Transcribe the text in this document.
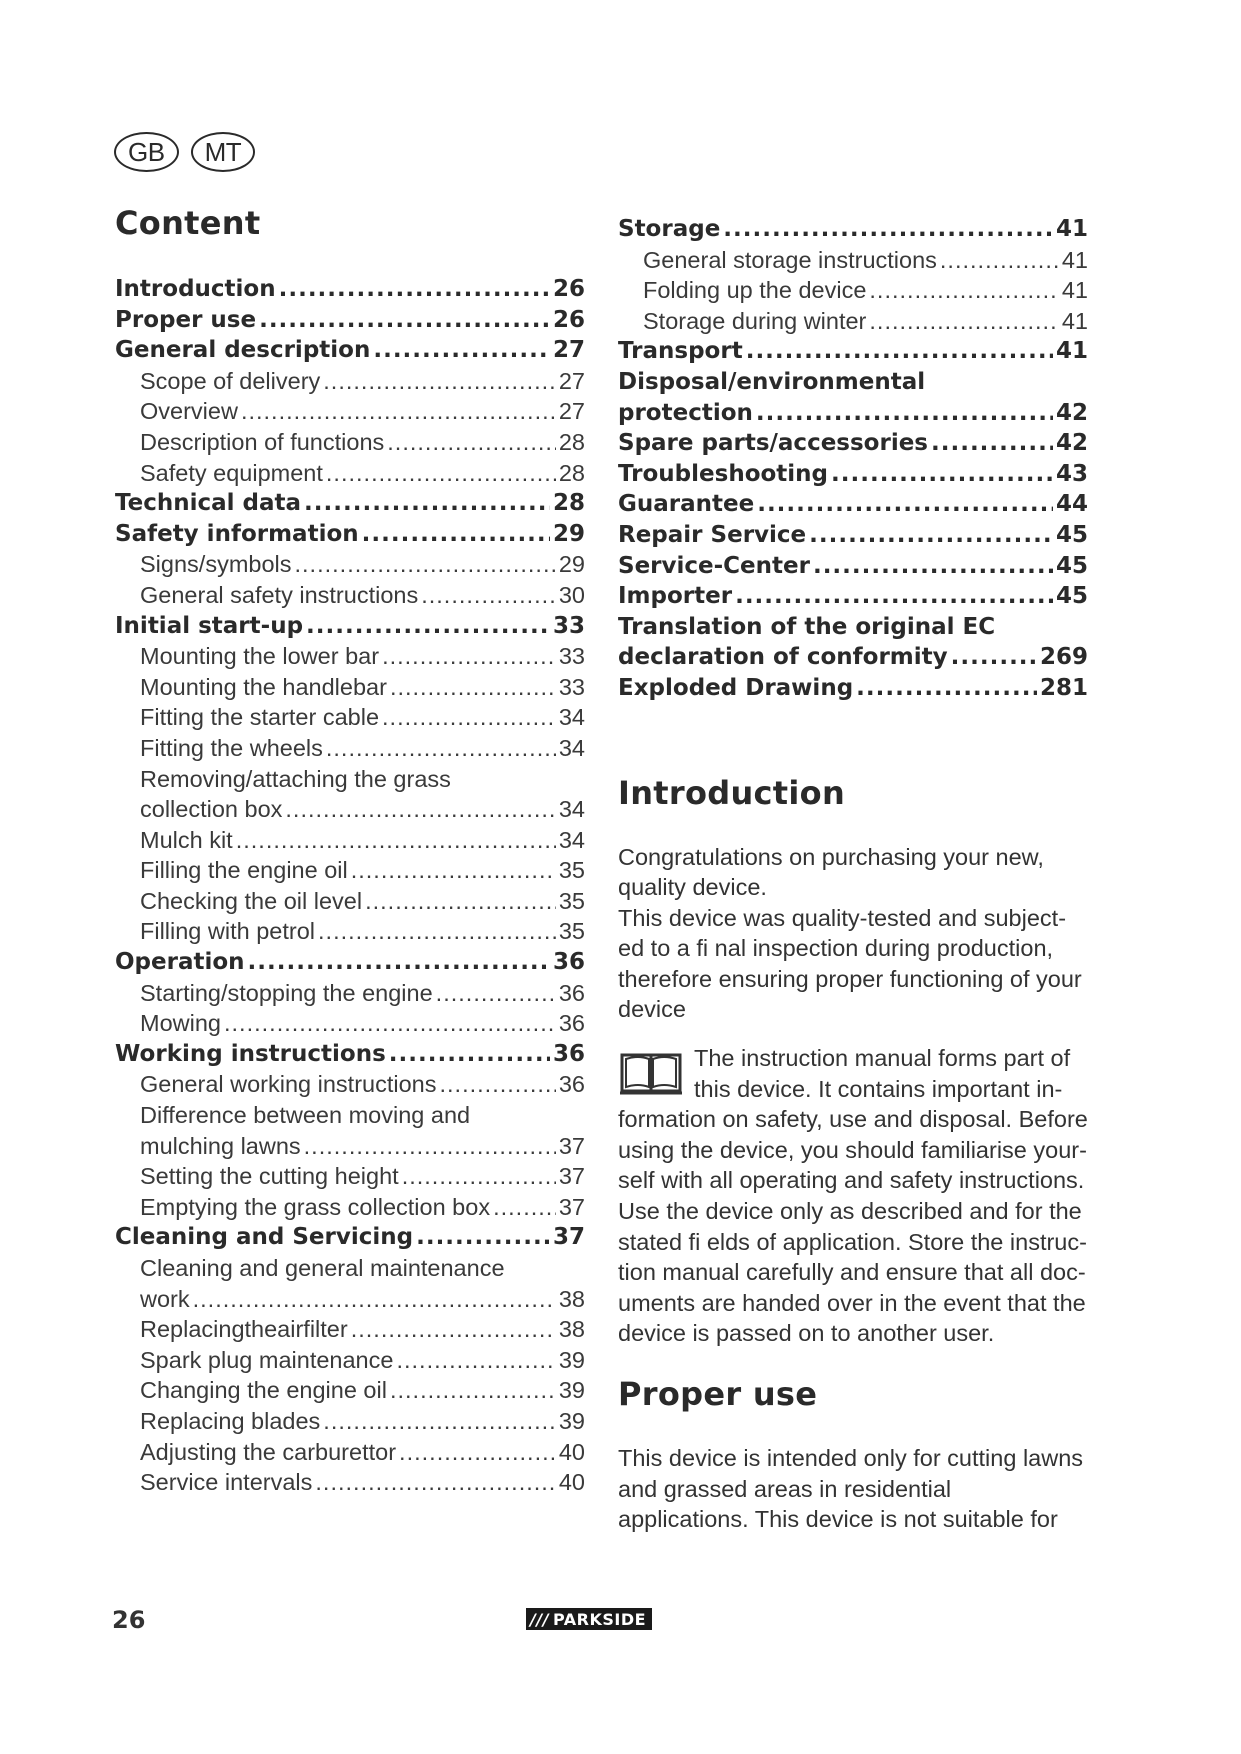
GB	MT
Content
Introduction .....	26
Proper use .....	26
General description .....	27
Scope of delivery .....	27
Overview .....	27
Description of functions .....	28
Safety equipment .....	28
Technical data .....	28
Safety information .....	29
Signs/symbols .....	29
General safety instructions .....	30
Initial start-up .....	33
Mounting the lower bar .....	33
Mounting the handlebar .....	33
Fitting the starter cable .....	34
Fitting the wheels .....	34
Removing/attaching the grass
collection box .....	34
Mulch kit .....	34
Filling the engine oil .....	35
Checking the oil level .....	35
Filling with petrol .....	35
Operation .....	36
Starting/stopping the engine .....	36
Mowing .....	36
Working instructions .....	36
General working instructions .....	36
Difference between moving and
mulching lawns .....	37
Setting the cutting height .....	37
Emptying the grass collection box .....	37
Cleaning and Servicing .....	37
Cleaning and general maintenance
work .....	38
Replacingtheairfilter .....	38
Spark plug maintenance .....	39
Changing the engine oil .....	39
Replacing blades .....	39
Adjusting the carburettor .....	40
Service intervals .....	40
Storage .....	41
General storage instructions .....	41
Folding up the device .....	41
Storage during winter .....	41
Transport .....	41
Disposal/environmental
protection .....	42
Spare parts/accessories .....	42
Troubleshooting .....	43
Guarantee .....	44
Repair Service .....	45
Service-Center .....	45
Importer .....	45
Translation of the original EC
declaration of conformity .....	269
Exploded Drawing .....	281
Introduction

Congratulations on purchasing your new, quality device.

This device was quality-tested and subject- ed to a fi nal inspection during production, therefore ensuring proper functioning of your device

The instruction manual forms part of this device. It contains important in- formation on safety, use and disposal. Before using the device, you should familiarise your- self with all operating and safety instructions. Use the device only as described and for the stated fi elds of application. Store the instruc- tion manual carefully and ensure that all doc- uments are handed over in the event that the device is passed on to another user.

Proper use

This device is intended only for cutting lawns and grassed areas in residential applications. This device is not suitable for

26	/// PARKSIDE
